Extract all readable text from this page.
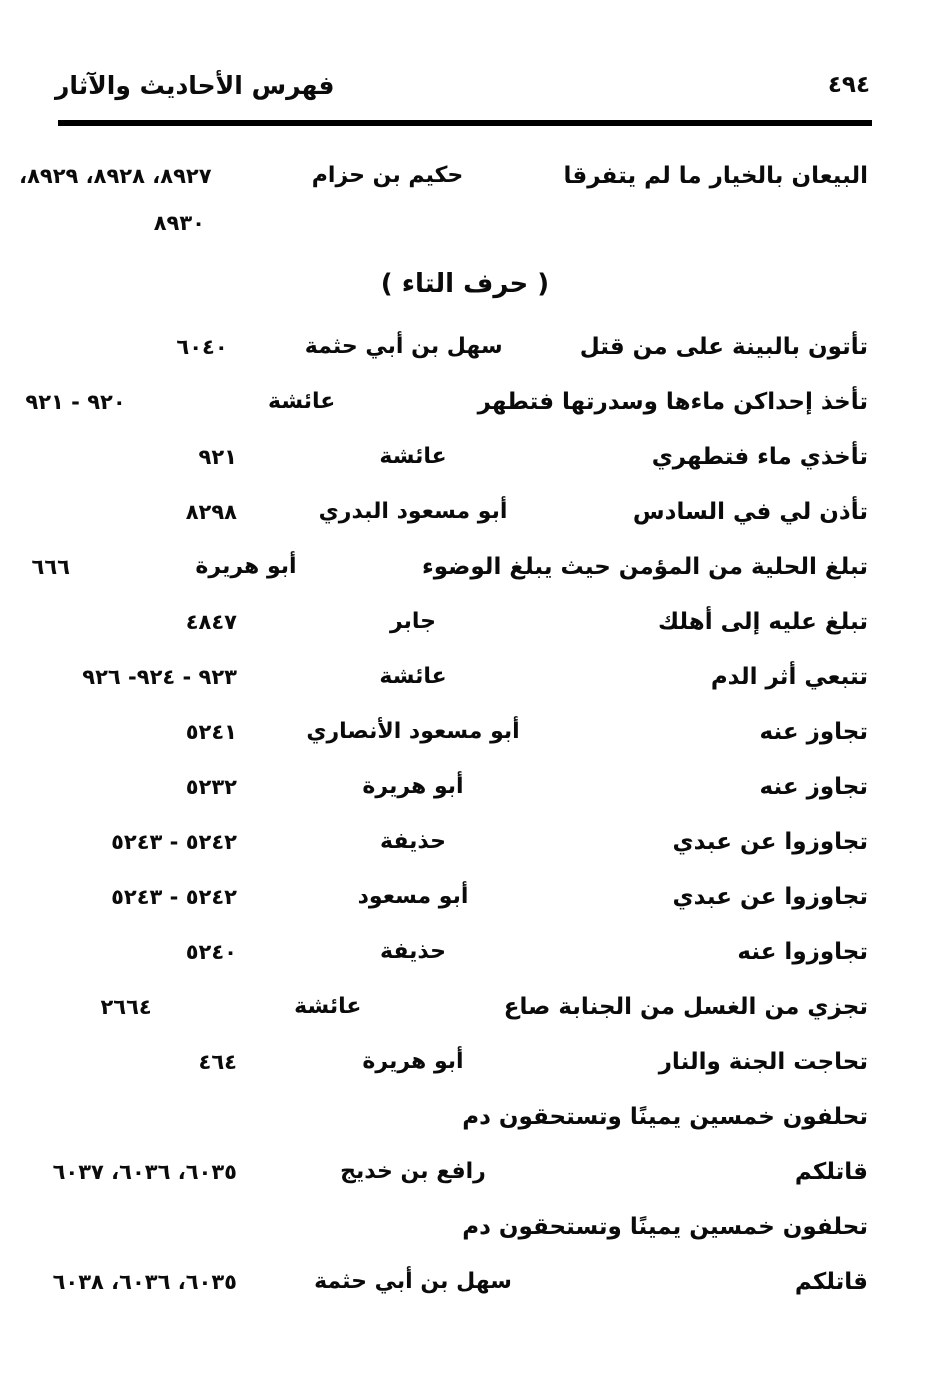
٤٩٤
فهرس الأحاديث والآثار
البيعان بالخيار ما لم يتفرقا
حكيم بن حزام
٨٩٢٧، ٨٩٢٨، ٨٩٢٩،
٨٩٣٠
( حرف التاء )
تأتون بالبينة على من قتل
سهل بن أبي حثمة
٦٠٤٠
تأخذ إحداكن ماءها وسدرتها فتطهر
عائشة
٩٢٠ - ٩٢١
تأخذي ماء فتطهري
عائشة
٩٢١
تأذن لي في السادس
أبو مسعود البدري
٨٢٩٨
تبلغ الحلية من المؤمن حيث يبلغ الوضوء
أبو هريرة
٦٦٦
تبلغ عليه إلى أهلك
جابر
٤٨٤٧
تتبعي أثر الدم
عائشة
٩٢٣ - ٩٢٤- ٩٢٦
تجاوز عنه
أبو مسعود الأنصاري
٥٢٤١
تجاوز عنه
أبو هريرة
٥٢٣٢
تجاوزوا عن عبدي
حذيفة
٥٢٤٢ - ٥٢٤٣
تجاوزوا عن عبدي
أبو مسعود
٥٢٤٢ - ٥٢٤٣
تجاوزوا عنه
حذيفة
٥٢٤٠
تجزي من الغسل من الجنابة صاع
عائشة
٢٦٦٤
تحاجت الجنة والنار
أبو هريرة
٤٦٤
تحلفون خمسين يمينًا وتستحقون دم
قاتلكم
رافع بن خديج
٦٠٣٥، ٦٠٣٦، ٦٠٣٧
تحلفون خمسين يمينًا وتستحقون دم
قاتلكم
سهل بن أبي حثمة
٦٠٣٥، ٦٠٣٦، ٦٠٣٨
